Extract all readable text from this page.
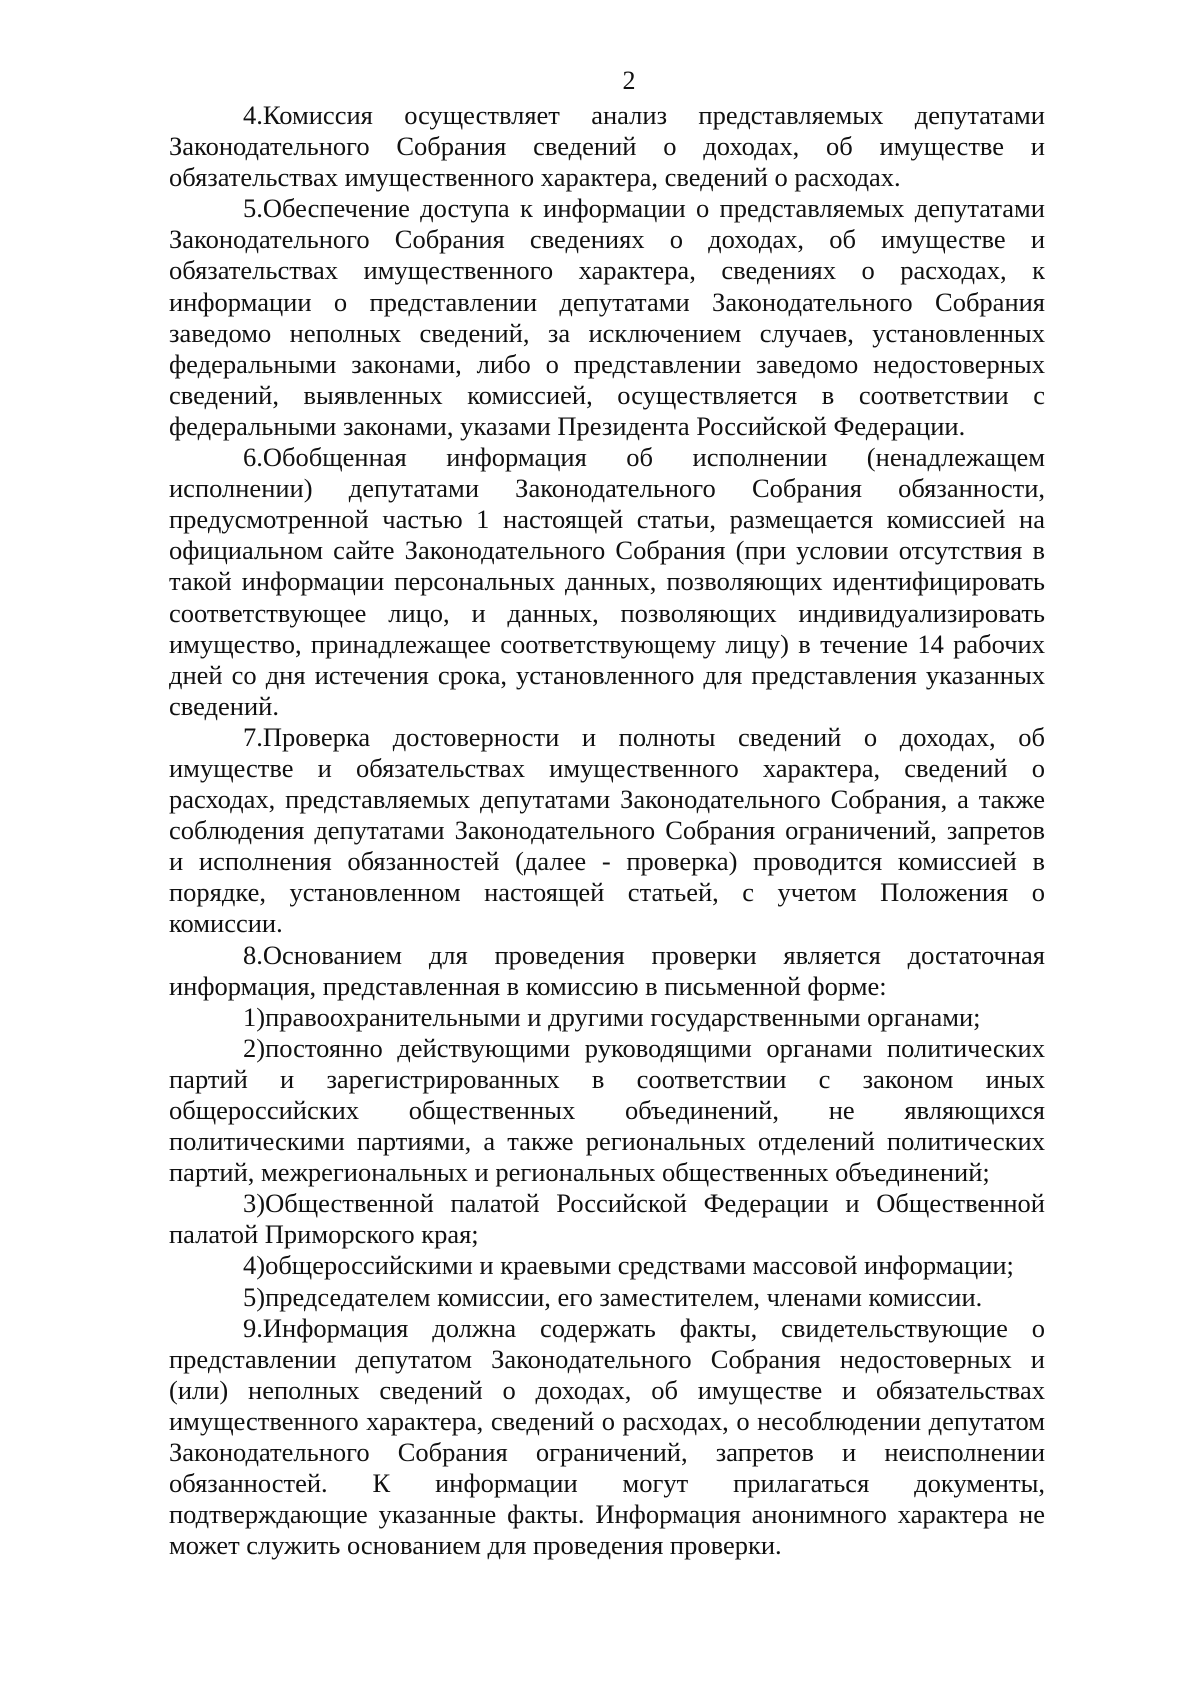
2

4.Комиссия осуществляет анализ представляемых депутатами Законодательного Собрания сведений о доходах, об имуществе и обязательствах имущественного характера, сведений о расходах.

5.Обеспечение доступа к информации о представляемых депутатами Законодательного Собрания сведениях о доходах, об имуществе и обязательствах имущественного характера, сведениях о расходах, к информации о представлении депутатами Законодательного Собрания заведомо неполных сведений, за исключением случаев, установленных федеральными законами, либо о представлении заведомо недостоверных сведений, выявленных комиссией, осуществляется в соответствии с федеральными законами, указами Президента Российской Федерации.

6.Обобщенная информация об исполнении (ненадлежащем исполнении) депутатами Законодательного Собрания обязанности, предусмотренной частью 1 настоящей статьи, размещается комиссией на официальном сайте Законодательного Собрания (при условии отсутствия в такой информации персональных данных, позволяющих идентифицировать соответствующее лицо, и данных, позволяющих индивидуализировать имущество, принадлежащее соответствующему лицу) в течение 14 рабочих дней со дня истечения срока, установленного для представления указанных сведений.

7.Проверка достоверности и полноты сведений о доходах, об имуществе и обязательствах имущественного характера, сведений о расходах, представляемых депутатами Законодательного Собрания, а также соблюдения депутатами Законодательного Собрания ограничений, запретов и исполнения обязанностей (далее - проверка) проводится комиссией в порядке, установленном настоящей статьей, с учетом Положения о комиссии.

8.Основанием для проведения проверки является достаточная информация, представленная в комиссию в письменной форме:

1)правоохранительными и другими государственными органами;

2)постоянно действующими руководящими органами политических партий и зарегистрированных в соответствии с законом иных общероссийских общественных объединений, не являющихся политическими партиями, а также региональных отделений политических партий, межрегиональных и региональных общественных объединений;

3)Общественной палатой Российской Федерации и Общественной палатой Приморского края;

4)общероссийскими и краевыми средствами массовой информации;

5)председателем комиссии, его заместителем, членами комиссии.

9.Информация должна содержать факты, свидетельствующие о представлении депутатом Законодательного Собрания недостоверных и (или) неполных сведений о доходах, об имуществе и обязательствах имущественного характера, сведений о расходах, о несоблюдении депутатом Законодательного Собрания ограничений, запретов и неисполнении обязанностей. К информации могут прилагаться документы, подтверждающие указанные факты. Информация анонимного характера не может служить основанием для проведения проверки.
